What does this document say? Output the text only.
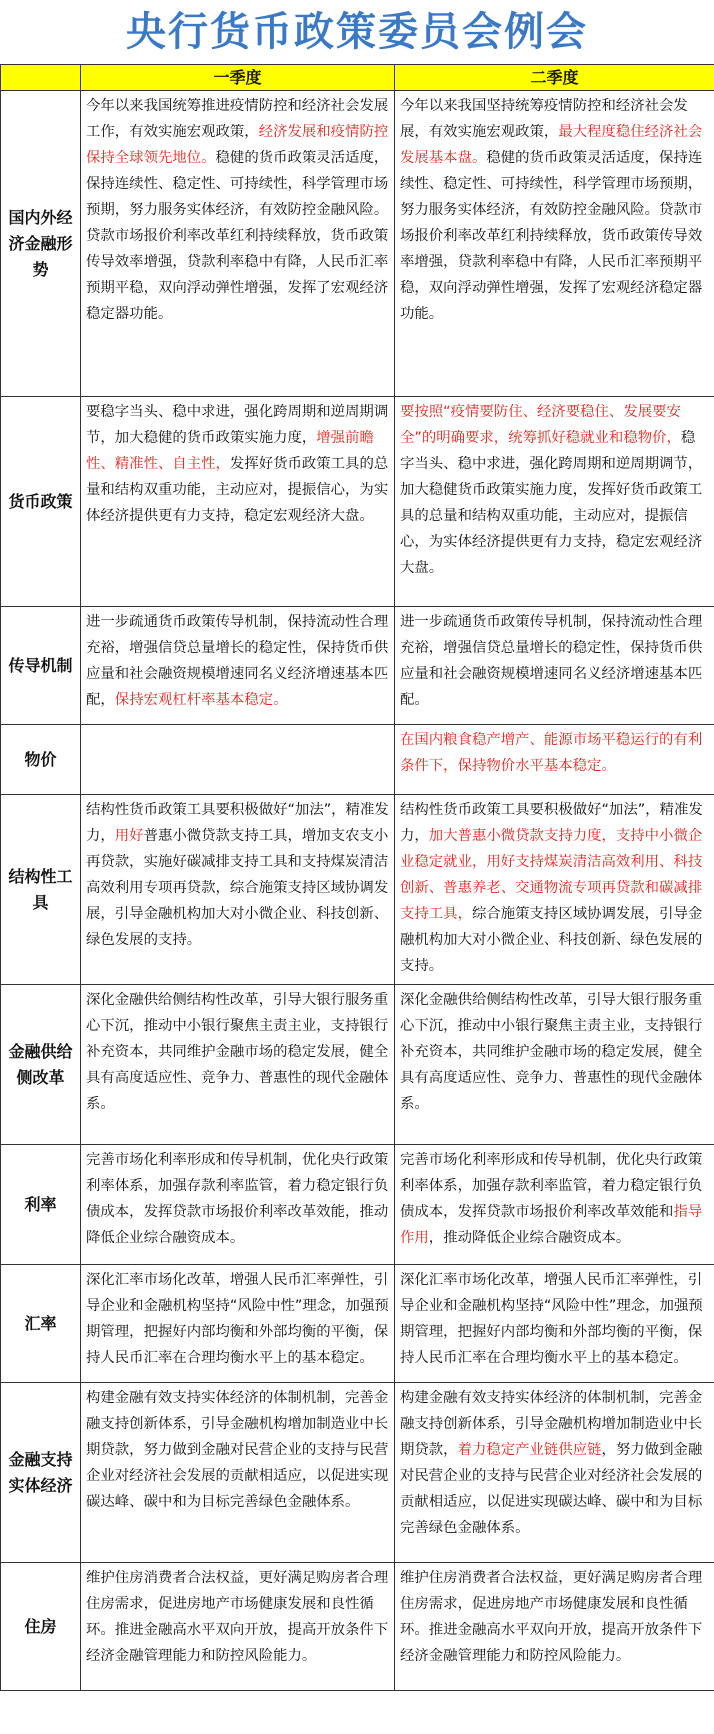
央行货币政策委员会例会
	一季度	二季度
国内外经济金融形势	今年以来我国统筹推进疫情防控和经济社会发展工作，有效实施宏观政策，经济发展和疫情防控保持全球领先地位。稳健的货币政策灵活适度，保持连续性、稳定性、可持续性，科学管理市场预期，努力服务实体经济，有效防控金融风险。贷款市场报价利率改革红利持续释放，货币政策传导效率增强，贷款利率稳中有降，人民币汇率预期平稳，双向浮动弹性增强，发挥了宏观经济稳定器功能。	今年以来我国坚持统筹疫情防控和经济社会发展，有效实施宏观政策，最大程度稳住经济社会发展基本盘。稳健的货币政策灵活适度，保持连续性、稳定性、可持续性，科学管理市场预期，努力服务实体经济，有效防控金融风险。贷款市场报价利率改革红利持续释放，货币政策传导效率增强，贷款利率稳中有降，人民币汇率预期平稳，双向浮动弹性增强，发挥了宏观经济稳定器功能。
货币政策	要稳字当头、稳中求进，强化跨周期和逆周期调节，加大稳健的货币政策实施力度，增强前瞻性、精准性、自主性，发挥好货币政策工具的总量和结构双重功能，主动应对，提振信心，为实体经济提供更有力支持，稳定宏观经济大盘。	要按照“疫情要防住、经济要稳住、发展要安全”的明确要求，统筹抓好稳就业和稳物价，稳字当头、稳中求进，强化跨周期和逆周期调节，加大稳健货币政策实施力度，发挥好货币政策工具的总量和结构双重功能，主动应对，提振信心，为实体经济提供更有力支持，稳定宏观经济大盘。
传导机制	进一步疏通货币政策传导机制，保持流动性合理充裕，增强信贷总量增长的稳定性，保持货币供应量和社会融资规模增速同名义经济增速基本匹配，保持宏观杠杆率基本稳定。	进一步疏通货币政策传导机制，保持流动性合理充裕，增强信贷总量增长的稳定性，保持货币供应量和社会融资规模增速同名义经济增速基本匹配。
物价		在国内粮食稳产增产、能源市场平稳运行的有利条件下，保持物价水平基本稳定。
结构性工具	结构性货币政策工具要积极做好“加法”，精准发力，用好普惠小微贷款支持工具，增加支农支小再贷款，实施好碳减排支持工具和支持煤炭清洁高效利用专项再贷款，综合施策支持区域协调发展，引导金融机构加大对小微企业、科技创新、绿色发展的支持。	结构性货币政策工具要积极做好“加法”，精准发力，加大普惠小微贷款支持力度，支持中小微企业稳定就业，用好支持煤炭清洁高效利用、科技创新、普惠养老、交通物流专项再贷款和碳减排支持工具，综合施策支持区域协调发展，引导金融机构加大对小微企业、科技创新、绿色发展的支持。
金融供给侧改革	深化金融供给侧结构性改革，引导大银行服务重心下沉，推动中小银行聚焦主责主业，支持银行补充资本，共同维护金融市场的稳定发展，健全具有高度适应性、竞争力、普惠性的现代金融体系。	深化金融供给侧结构性改革，引导大银行服务重心下沉，推动中小银行聚焦主责主业，支持银行补充资本，共同维护金融市场的稳定发展，健全具有高度适应性、竞争力、普惠性的现代金融体系。
利率	完善市场化利率形成和传导机制，优化央行政策利率体系，加强存款利率监管，着力稳定银行负债成本，发挥贷款市场报价利率改革效能，推动降低企业综合融资成本。	完善市场化利率形成和传导机制，优化央行政策利率体系，加强存款利率监管，着力稳定银行负债成本，发挥贷款市场报价利率改革效能和指导作用，推动降低企业综合融资成本。
汇率	深化汇率市场化改革，增强人民币汇率弹性，引导企业和金融机构坚持“风险中性”理念，加强预期管理，把握好内部均衡和外部均衡的平衡，保持人民币汇率在合理均衡水平上的基本稳定。	深化汇率市场化改革，增强人民币汇率弹性，引导企业和金融机构坚持“风险中性”理念，加强预期管理，把握好内部均衡和外部均衡的平衡，保持人民币汇率在合理均衡水平上的基本稳定。
金融支持实体经济	构建金融有效支持实体经济的体制机制，完善金融支持创新体系，引导金融机构增加制造业中长期贷款，努力做到金融对民营企业的支持与民营企业对经济社会发展的贡献相适应，以促进实现碳达峰、碳中和为目标完善绿色金融体系。	构建金融有效支持实体经济的体制机制，完善金融支持创新体系，引导金融机构增加制造业中长期贷款，着力稳定产业链供应链，努力做到金融对民营企业的支持与民营企业对经济社会发展的贡献相适应，以促进实现碳达峰、碳中和为目标完善绿色金融体系。
住房	维护住房消费者合法权益，更好满足购房者合理住房需求，促进房地产市场健康发展和良性循环。推进金融高水平双向开放，提高开放条件下经济金融管理能力和防控风险能力。	维护住房消费者合法权益，更好满足购房者合理住房需求，促进房地产市场健康发展和良性循环。推进金融高水平双向开放，提高开放条件下经济金融管理能力和防控风险能力。
